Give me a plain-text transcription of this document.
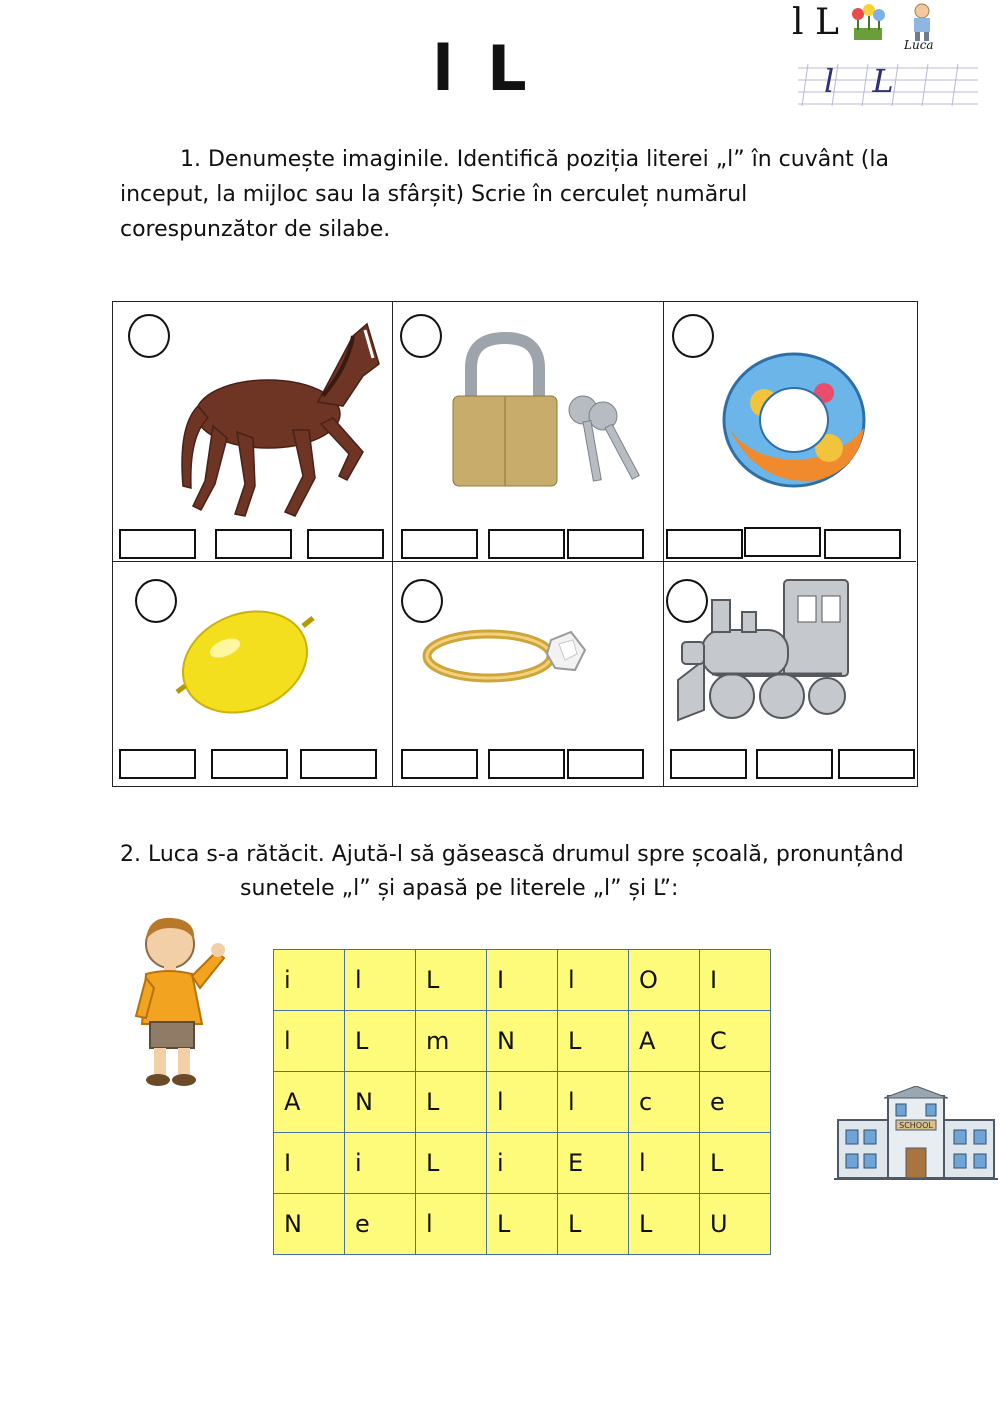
l L
l L
Luca
l L
1. Denumește imaginile. Identifică poziția literei „l” în cuvânt (la inceput, la mijloc sau la sfârșit) Scrie în cerculeț numărul corespunzător de silabe.
2. Luca s-a rătăcit. Ajută-l să găsească drumul spre școală, pronunțând
sunetele „l” și apasă pe literele „l” și L”:
i	l	L	I	l	O	I
l	L	m	N	L	A	C
A	N	L	l	l	c	e
I	i	L	i	E	l	L
N	e	l	L	L	L	U
SCHOOL
